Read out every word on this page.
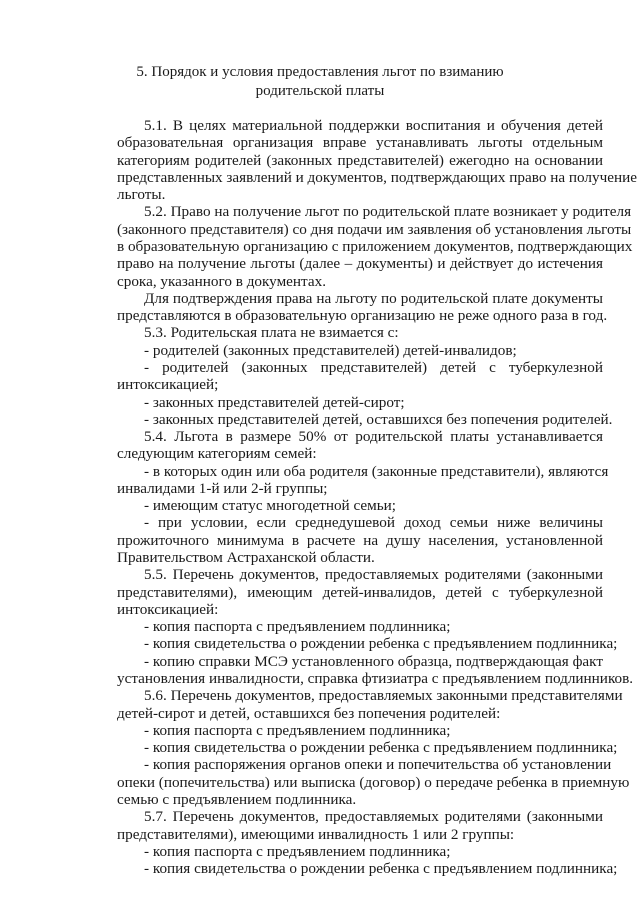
5. Порядок и условия предоставления льгот по взиманию
родительской платы
5.1. В целях материальной поддержки воспитания и обучения детей
образовательная организация вправе устанавливать льготы отдельным
категориям родителей (законных представителей) ежегодно на основании
представленных заявлений и документов, подтверждающих право на получение
льготы.
5.2. Право на получение льгот по родительской плате возникает у родителя
(законного представителя) со дня подачи им заявления об установления льготы
в образовательную организацию с приложением документов, подтверждающих
право на получение льготы (далее – документы) и действует до истечения
срока, указанного в документах.
Для подтверждения права на льготу по родительской плате документы
представляются в образовательную организацию не реже одного раза в год.
5.3. Родительская плата не взимается с:
- родителей (законных представителей) детей-инвалидов;
- родителей (законных представителей) детей с туберкулезной
интоксикацией;
- законных представителей детей-сирот;
- законных представителей детей, оставшихся без попечения родителей.
5.4. Льгота в размере 50% от родительской платы устанавливается
следующим категориям семей:
- в которых один или оба родителя (законные представители), являются
инвалидами 1-й или 2-й группы;
- имеющим статус многодетной семьи;
- при условии, если среднедушевой доход семьи ниже величины
прожиточного минимума в расчете на душу населения, установленной
Правительством Астраханской области.
5.5. Перечень документов, предоставляемых родителями (законными
представителями), имеющим детей-инвалидов, детей с туберкулезной
интоксикацией:
- копия паспорта с предъявлением подлинника;
- копия свидетельства о рождении ребенка с предъявлением подлинника;
- копию справки МСЭ установленного образца, подтверждающая факт
установления инвалидности, справка фтизиатра с предъявлением подлинников.
5.6. Перечень документов, предоставляемых законными представителями
детей-сирот и детей, оставшихся без попечения родителей:
- копия паспорта с предъявлением подлинника;
- копия свидетельства о рождении ребенка с предъявлением подлинника;
- копия распоряжения органов опеки и попечительства об установлении
опеки (попечительства) или выписка (договор) о передаче ребенка в приемную
семью с предъявлением подлинника.
5.7. Перечень документов, предоставляемых родителями (законными
представителями), имеющими инвалидность 1 или 2 группы:
- копия паспорта с предъявлением подлинника;
- копия свидетельства о рождении ребенка с предъявлением подлинника;
